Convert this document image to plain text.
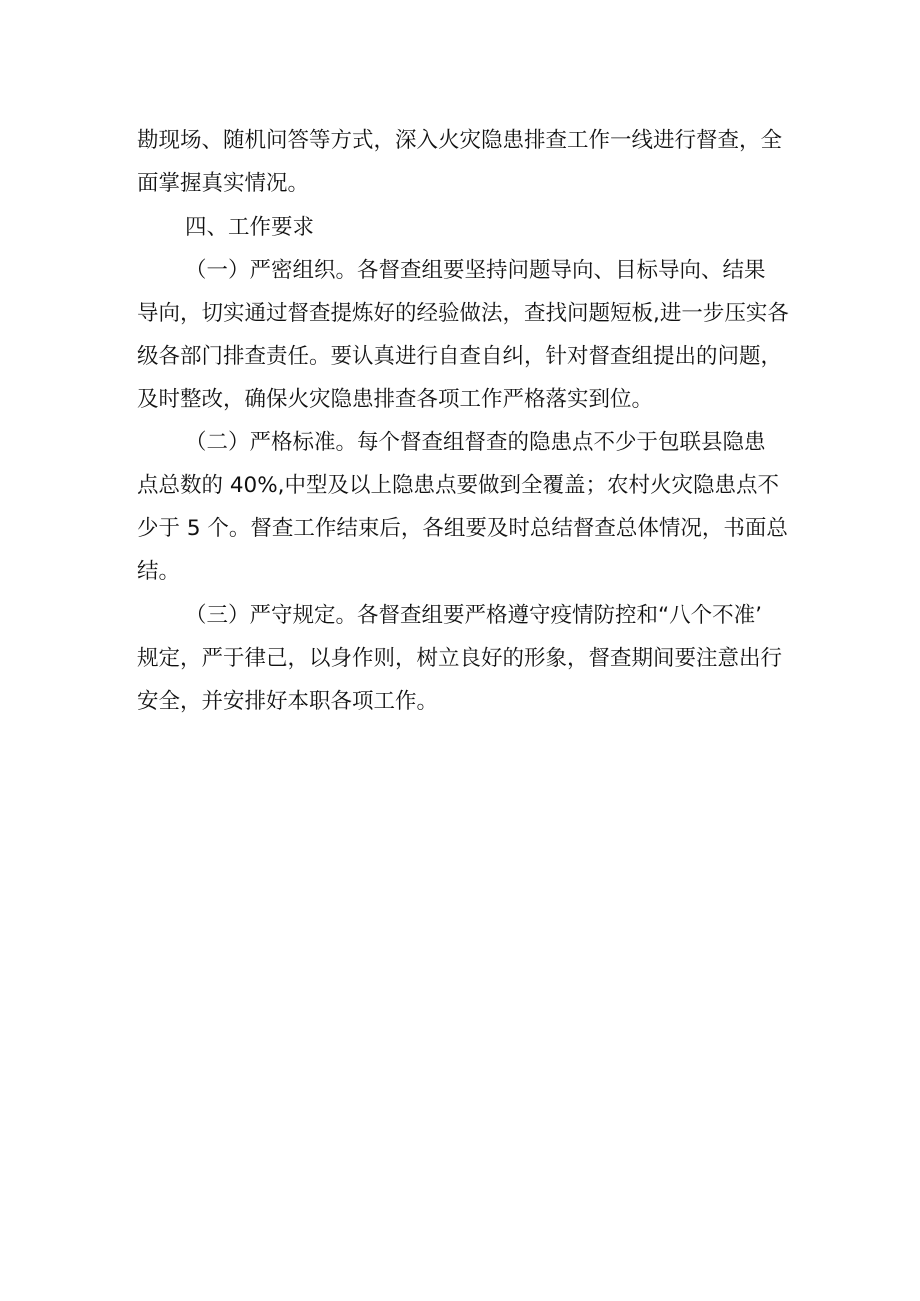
勘现场、随机问答等方式，深入火灾隐患排查工作一线进行督查，全

面掌握真实情况。

四、工作要求

（一）严密组织。各督查组要坚持问题导向、目标导向、结果

导向，切实通过督查提炼好的经验做法，查找问题短板,进一步压实各

级各部门排查责任。要认真进行自查自纠，针对督查组提出的问题，

及时整改，确保火灾隐患排查各项工作严格落实到位。

（二）严格标准。每个督查组督查的隐患点不少于包联县隐患

点总数的 40%,中型及以上隐患点要做到全覆盖；农村火灾隐患点不

少于 5 个。督查工作结束后，各组要及时总结督查总体情况，书面总

结。

（三）严守规定。各督查组要严格遵守疫情防控和“八个不准’

规定，严于律己，以身作则，树立良好的形象，督查期间要注意出行

安全，并安排好本职各项工作。
